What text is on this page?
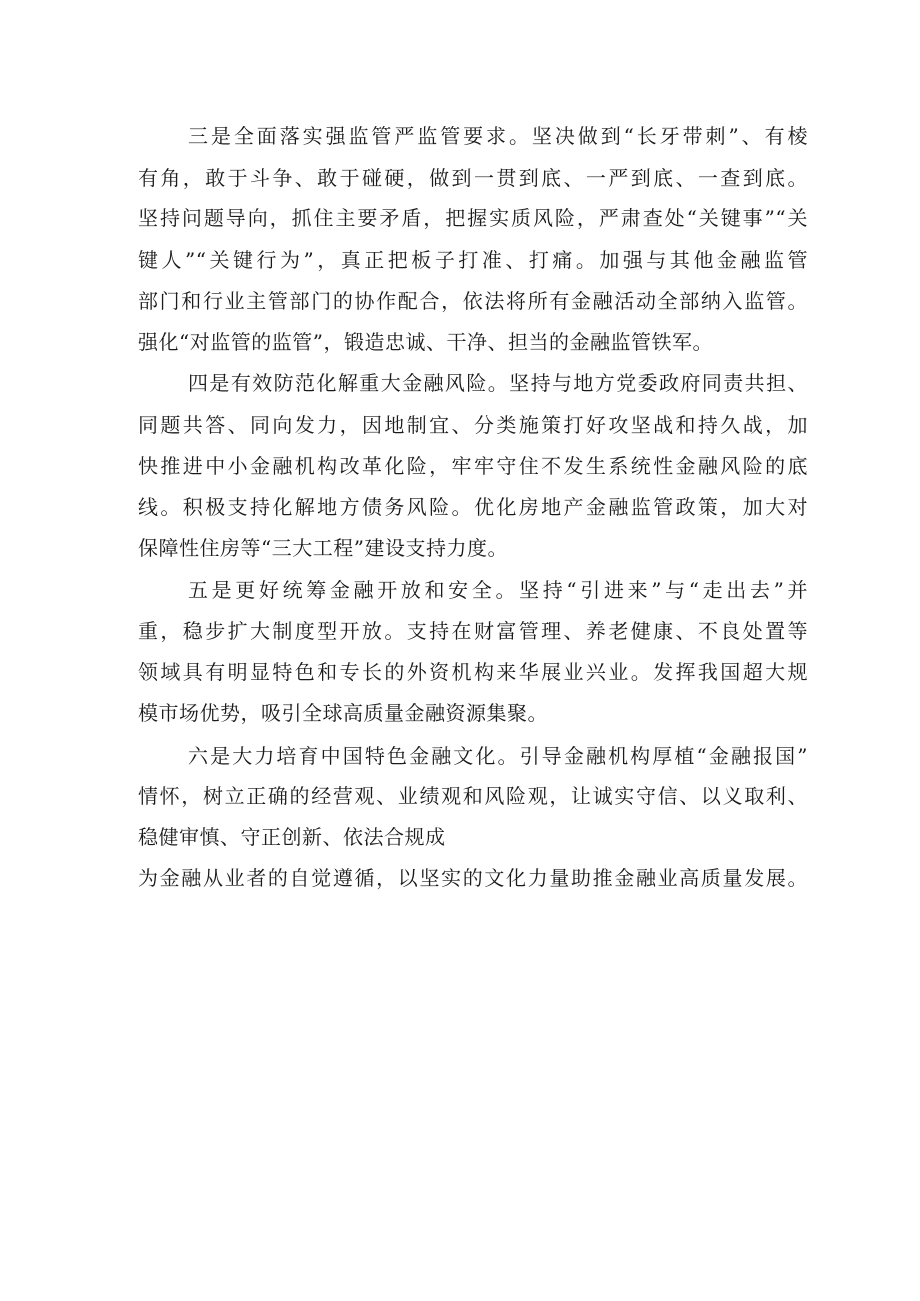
三是全面落实强监管严监管要求。坚决做到“长牙带刺”、有棱
有角，敢于斗争、敢于碰硬，做到一贯到底、一严到底、一查到底。
坚持问题导向，抓住主要矛盾，把握实质风险，严肃查处“关键事”“关
键人”“关键行为”，真正把板子打准、打痛。加强与其他金融监管
部门和行业主管部门的协作配合，依法将所有金融活动全部纳入监管。
强化“对监管的监管”，锻造忠诚、干净、担当的金融监管铁军。
四是有效防范化解重大金融风险。坚持与地方党委政府同责共担、
同题共答、同向发力，因地制宜、分类施策打好攻坚战和持久战，加
快推进中小金融机构改革化险，牢牢守住不发生系统性金融风险的底
线。积极支持化解地方债务风险。优化房地产金融监管政策，加大对
保障性住房等“三大工程”建设支持力度。
五是更好统筹金融开放和安全。坚持“引进来”与“走出去”并
重，稳步扩大制度型开放。支持在财富管理、养老健康、不良处置等
领域具有明显特色和专长的外资机构来华展业兴业。发挥我国超大规
模市场优势，吸引全球高质量金融资源集聚。
六是大力培育中国特色金融文化。引导金融机构厚植“金融报国”
情怀，树立正确的经营观、业绩观和风险观，让诚实守信、以义取利、
稳健审慎、守正创新、依法合规成
为金融从业者的自觉遵循，以坚实的文化力量助推金融业高质量发展。
